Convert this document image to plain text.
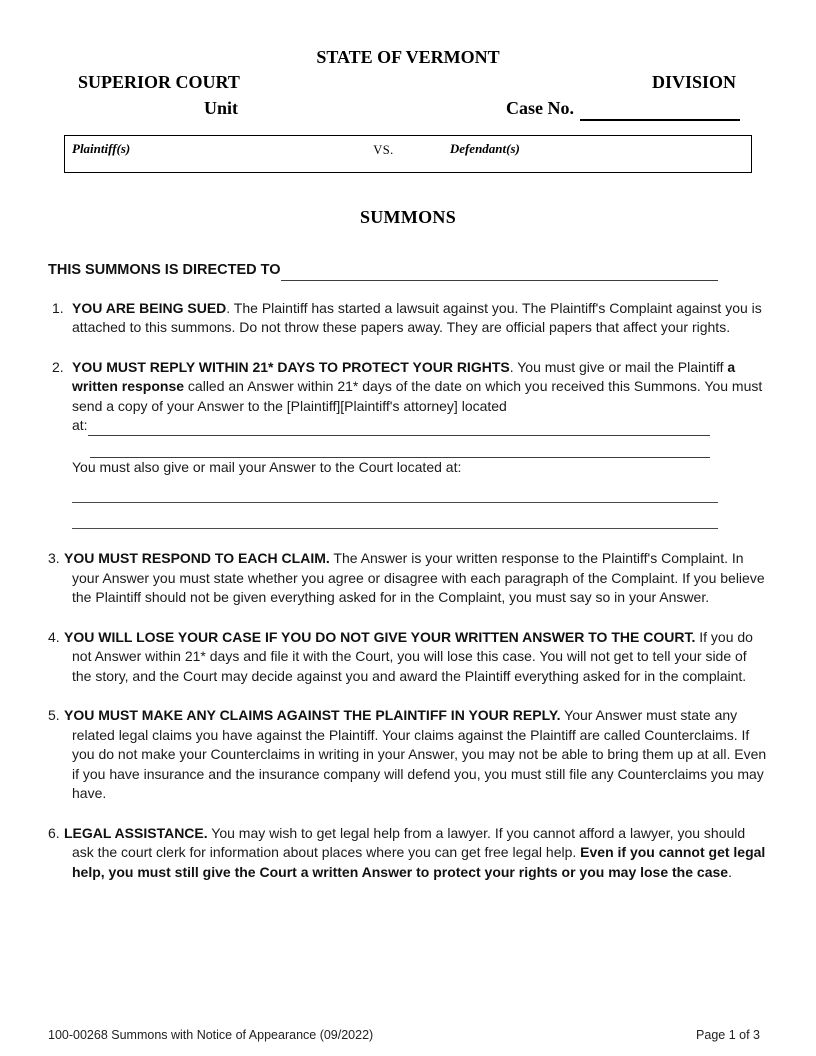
STATE OF VERMONT
SUPERIOR COURT	DIVISION
Unit	Case No.
Plaintiff(s)	VS.	Defendant(s)
SUMMONS
THIS SUMMONS IS DIRECTED TO

1. YOU ARE BEING SUED. The Plaintiff has started a lawsuit against you. The Plaintiff's Complaint against you is attached to this summons. Do not throw these papers away. They are official papers that affect your rights.

2. YOU MUST REPLY WITHIN 21* DAYS TO PROTECT YOUR RIGHTS. You must give or mail the Plaintiff a written response called an Answer within 21* days of the date on which you received this Summons. You must send a copy of your Answer to the [Plaintiff][Plaintiff's attorney] located

at:

You must also give or mail your Answer to the Court located at:

3. YOU MUST RESPOND TO EACH CLAIM. The Answer is your written response to the Plaintiff's Complaint. In your Answer you must state whether you agree or disagree with each paragraph of the Complaint. If you believe the Plaintiff should not be given everything asked for in the Complaint, you must say so in your Answer.

4. YOU WILL LOSE YOUR CASE IF YOU DO NOT GIVE YOUR WRITTEN ANSWER TO THE COURT. If you do not Answer within 21* days and file it with the Court, you will lose this case. You will not get to tell your side of the story, and the Court may decide against you and award the Plaintiff everything asked for in the complaint.

5. YOU MUST MAKE ANY CLAIMS AGAINST THE PLAINTIFF IN YOUR REPLY. Your Answer must state any related legal claims you have against the Plaintiff. Your claims against the Plaintiff are called Counterclaims. If you do not make your Counterclaims in writing in your Answer, you may not be able to bring them up at all. Even if you have insurance and the insurance company will defend you, you must still file any Counterclaims you may have.

6. LEGAL ASSISTANCE. You may wish to get legal help from a lawyer. If you cannot afford a lawyer, you should ask the court clerk for information about places where you can get free legal help. Even if you cannot get legal help, you must still give the Court a written Answer to protect your rights or you may lose the case.

100-00268 Summons with Notice of Appearance (09/2022)	Page 1 of 3
